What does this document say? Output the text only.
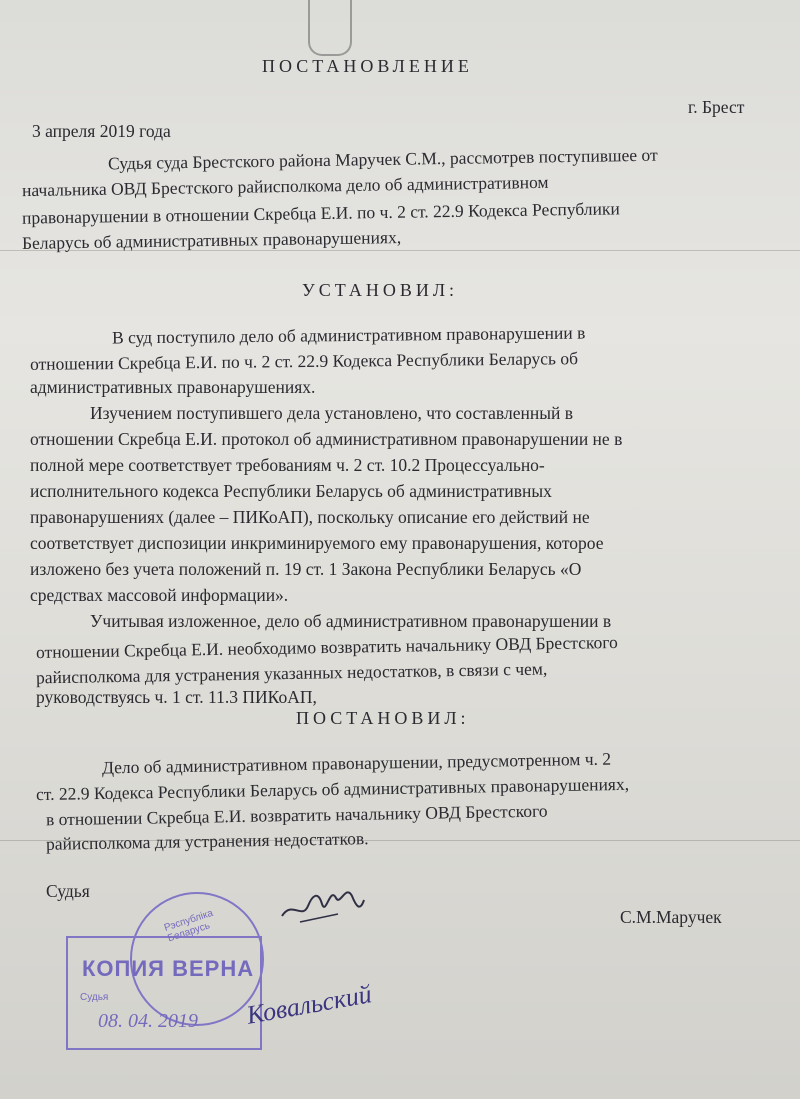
ПОСТАНОВЛЕНИЕ
г. Брест
3 апреля 2019 года
Судья суда Брестского района Маручек С.М., рассмотрев поступившее от
начальника ОВД Брестского райисполкома дело об административном
правонарушении в отношении Скребца Е.И. по ч. 2 ст. 22.9 Кодекса Республики
Беларусь об административных правонарушениях,
УСТАНОВИЛ:
В суд поступило дело об административном правонарушении в
отношении Скребца Е.И. по ч. 2 ст. 22.9 Кодекса Республики Беларусь об
административных правонарушениях.
Изучением поступившего дела установлено, что составленный в
отношении Скребца Е.И. протокол об административном правонарушении не в
полной мере соответствует требованиям ч. 2 ст. 10.2 Процессуально-
исполнительного кодекса Республики Беларусь об административных
правонарушениях (далее – ПИКоАП), поскольку описание его действий не
соответствует диспозиции инкриминируемого ему правонарушения, которое
изложено без учета положений п. 19 ст. 1 Закона Республики Беларусь «О
средствах массовой информации».
Учитывая изложенное, дело об административном правонарушении в
отношении Скребца Е.И. необходимо возвратить начальнику ОВД Брестского
райисполкома для устранения указанных недостатков, в связи с чем,
руководствуясь ч. 1 ст. 11.3 ПИКоАП,
ПОСТАНОВИЛ:
Дело об административном правонарушении, предусмотренном ч. 2
ст. 22.9 Кодекса Республики Беларусь об административных правонарушениях,
в отношении Скребца Е.И. возвратить начальнику ОВД Брестского
райисполкома для устранения недостатков.
Судья
С.М.Маручек
Рэспубліка Беларусь
КОПИЯ ВЕРНА
Судья
08. 04. 2019 Ковальский
